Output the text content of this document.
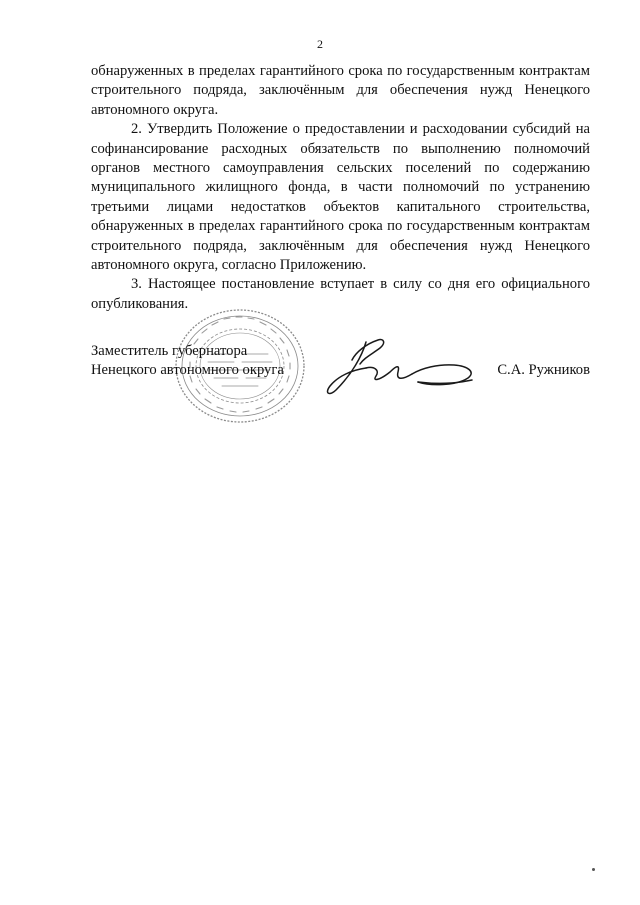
2

обнаруженных в пределах гарантийного срока по государственным контрактам строительного подряда, заключённым для обеспечения нужд Ненецкого автономного округа.

2. Утвердить Положение о предоставлении и расходовании субсидий на софинансирование расходных обязательств по выполнению полномочий органов местного самоуправления сельских поселений по содержанию муниципального жилищного фонда, в части полномочий по устранению третьими лицами недостатков объектов капитального строительства, обнаруженных в пределах гарантийного срока по государственным контрактам строительного подряда, заключённым для обеспечения нужд Ненецкого автономного округа, согласно Приложению.

3. Настоящее постановление вступает в силу со дня его официального опубликования.

Заместитель губернатора
Ненецкого автономного округа	С.А. Ружников
